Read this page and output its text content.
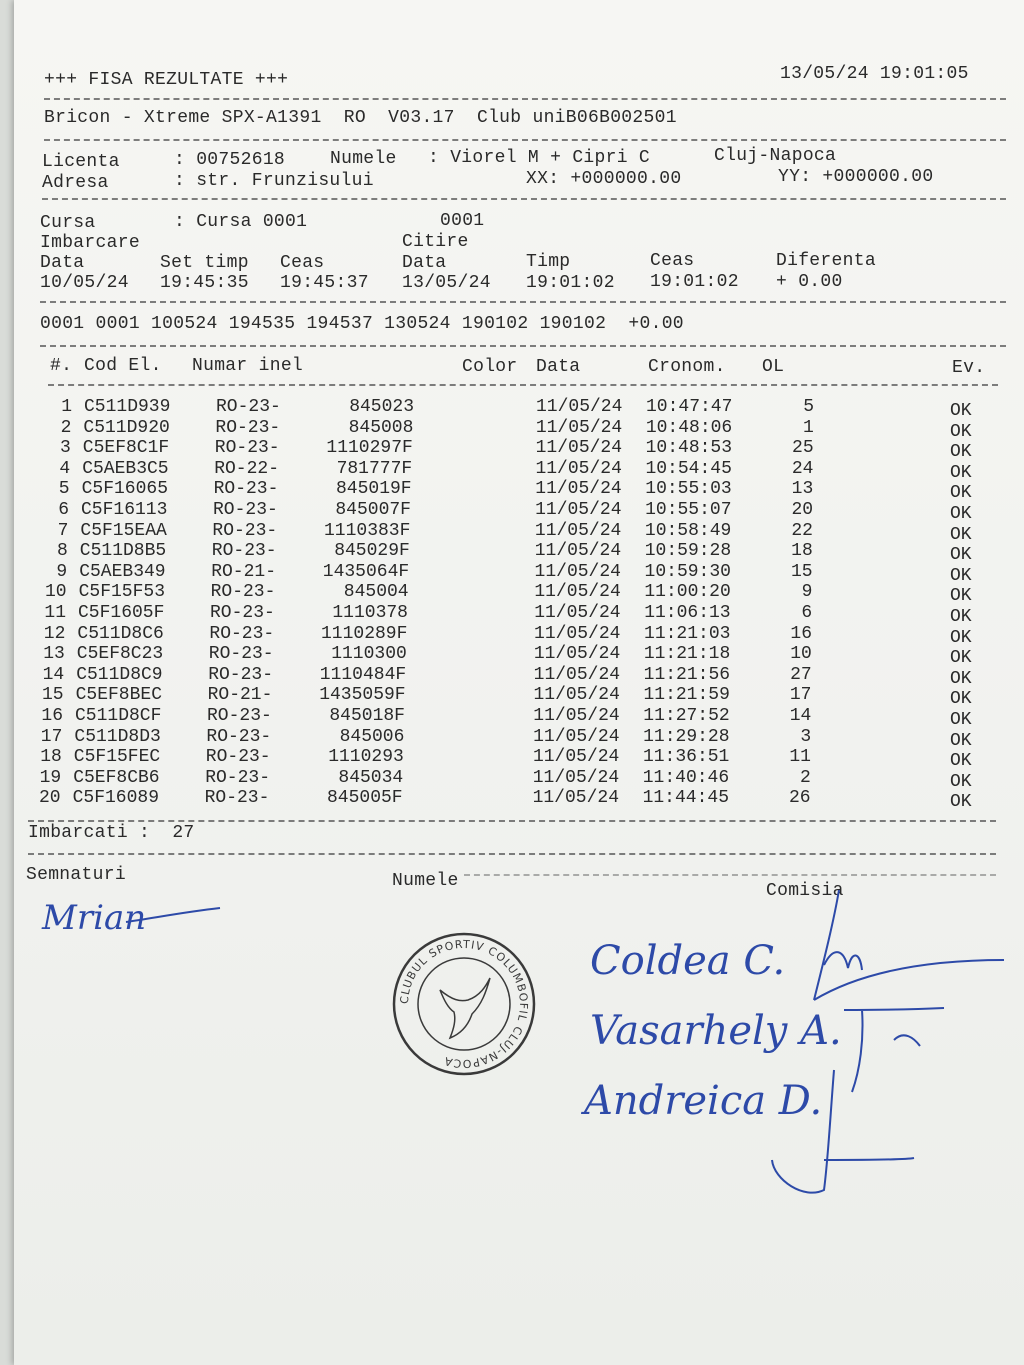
+++ FISA REZULTATE +++	13/05/24 19:01:05
Bricon - Xtreme SPX-A1391  RO  V03.17  Club uniB06B002501
Licenta	: 00752618 Numele : Viorel M + Cipri C	Cluj-Napoca
Adresa	: str. Frunzisului	XX: +000000.00	YY: +000000.00
Cursa	: Cursa 0001	0001
Imbarcare	Citire
Data	Set timp Ceas	Data	Timp	Ceas	Diferenta
10/05/24 19:45:35 19:45:37 13/05/24 19:01:02 19:01:02 + 0.00
0001 0001 100524 194535 194537 130524 190102 190102  +0.00
#. Cod El. Numar inel	Color Data	Cronom. OL	Ev.
1 C511D939	RO-23-	845023	11/05/24 10:47:47	5	OK
2 C511D920	RO-23-	845008	11/05/24 10:48:06	1	OK
3 C5EF8C1F	RO-23-	1110297F	11/05/24 10:48:53	25	OK
4 C5AEB3C5	RO-22-	781777F	11/05/24 10:54:45	24	OK
5 C5F16065	RO-23-	845019F	11/05/24 10:55:03	13	OK
6 C5F16113	RO-23-	845007F	11/05/24 10:55:07	20	OK
7 C5F15EAA	RO-23-	1110383F	11/05/24 10:58:49	22	OK
8 C511D8B5	RO-23-	845029F	11/05/24 10:59:28	18	OK
9 C5AEB349	RO-21-	1435064F	11/05/24 10:59:30	15	OK
10 C5F15F53	RO-23-	845004	11/05/24 11:00:20	9	OK
11 C5F1605F	RO-23-	1110378	11/05/24 11:06:13	6	OK
12 C511D8C6	RO-23-	1110289F	11/05/24 11:21:03	16	OK
13 C5EF8C23	RO-23-	1110300	11/05/24 11:21:18	10	OK
14 C511D8C9	RO-23-	1110484F	11/05/24 11:21:56	27	OK
15 C5EF8BEC	RO-21-	1435059F	11/05/24 11:21:59	17	OK
16 C511D8CF	RO-23-	845018F	11/05/24 11:27:52	14	OK
17 C511D8D3	RO-23-	845006	11/05/24 11:29:28	3	OK
18 C5F15FEC	RO-23-	1110293	11/05/24 11:36:51	11	OK
19 C5EF8CB6	RO-23-	845034	11/05/24 11:40:46	2	OK
20 C5F16089	RO-23-	845005F	11/05/24 11:44:45	26	OK
Imbarcati :  27
Semnaturi	Numele	Comisia
Mrian
Coldea C.
Vasarhely A.
Andreica D.
CLUBUL SPORTIV COLUMBOFIL CLUJ-NAPOCA
